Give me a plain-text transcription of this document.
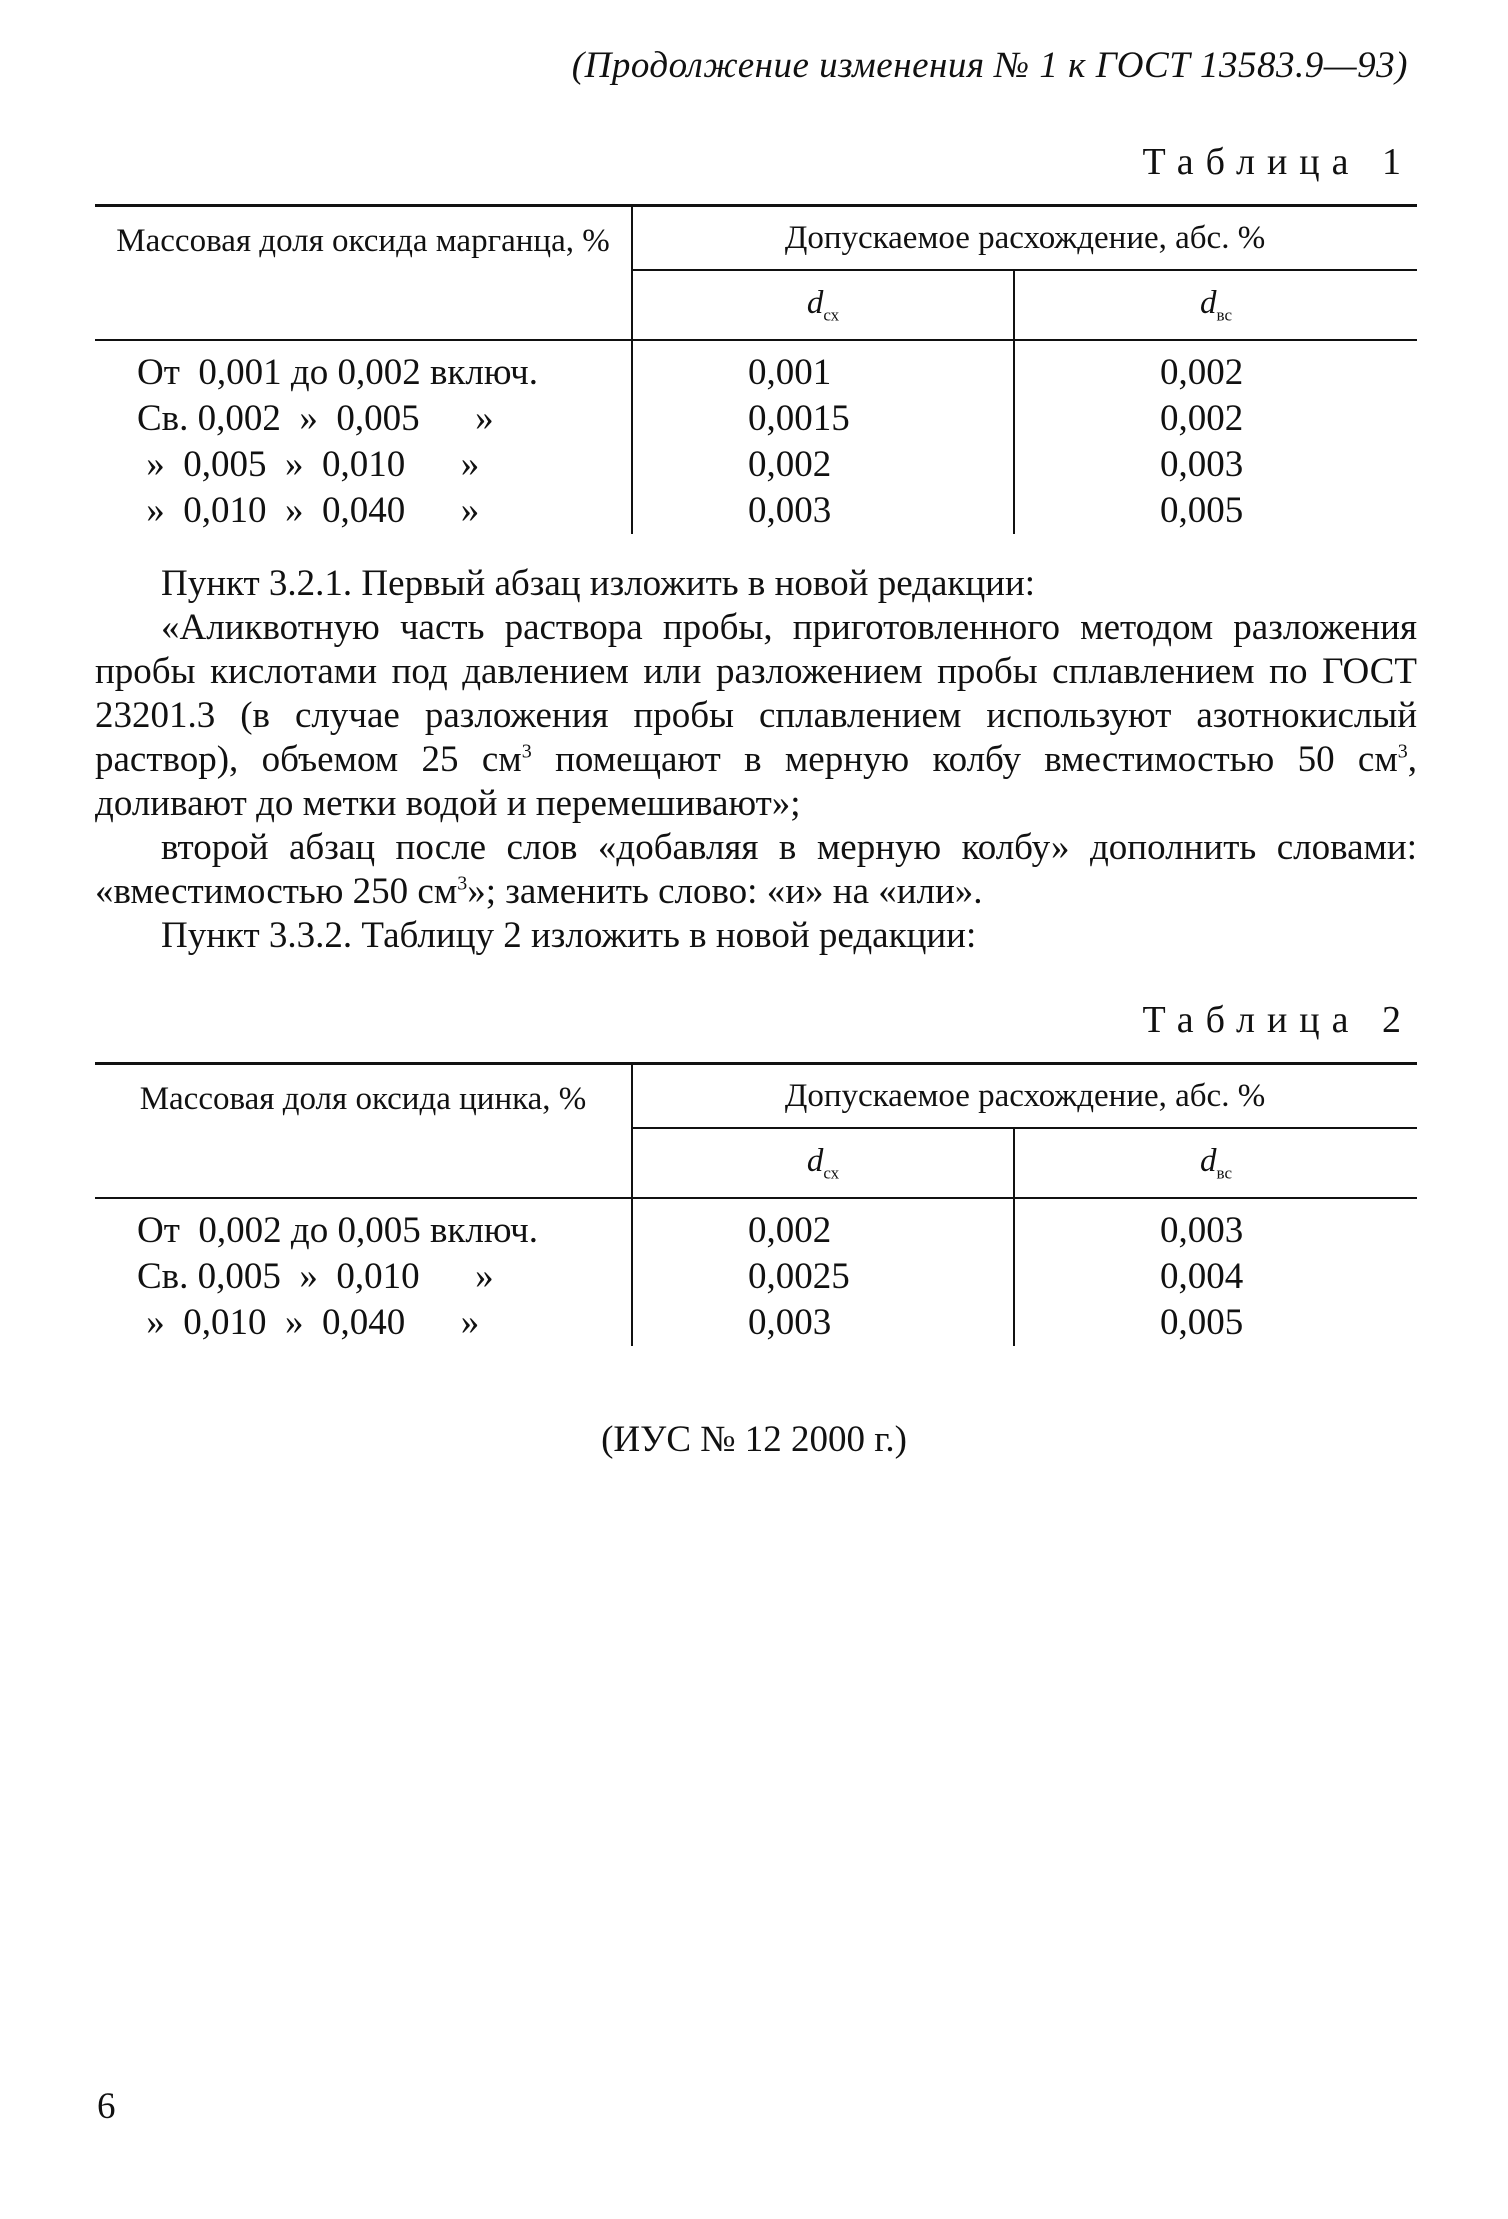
(Продолжение изменения № 1 к ГОСТ 13583.9—93)
Таблица 1
Массовая доля оксида марганца, %	Допускаемое расхождение, абс. %	
	$d_{сх}$	$d_{вс}$
От  0,001 до 0,002 включ.	0,001	0,002
Св. 0,002  »  0,005      »	0,0015	0,002
»  0,005  »  0,010      »	0,002	0,003
»  0,010  »  0,040      »	0,003	0,005

Пункт 3.2.1. Первый абзац изложить в новой редакции:

«Аликвотную часть раствора пробы, приготовленного методом разложения пробы кислотами под давлением или разложением пробы сплавлением по ГОСТ 23201.3 (в случае разложения пробы сплавлением используют азотнокислый раствор), объемом 25 $см^3$ помещают в мерную колбу вместимостью 50 $см^3$, доливают до метки водой и перемешивают»;

второй абзац после слов «добавляя в мерную колбу» дополнить словами: «вместимостью 250 $см^3$»; заменить слово: «и» на «или».

Пункт 3.3.2. Таблицу 2 изложить в новой редакции:

Таблица 2
Массовая доля оксида цинка, %	Допускаемое расхождение, абс. %	
	$d_{сх}$	$d_{вс}$
От  0,002 до 0,005 включ.	0,002	0,003
Св. 0,005  »  0,010      »	0,0025	0,004
»  0,010  »  0,040      »	0,003	0,005
(ИУС № 12 2000 г.)
6
